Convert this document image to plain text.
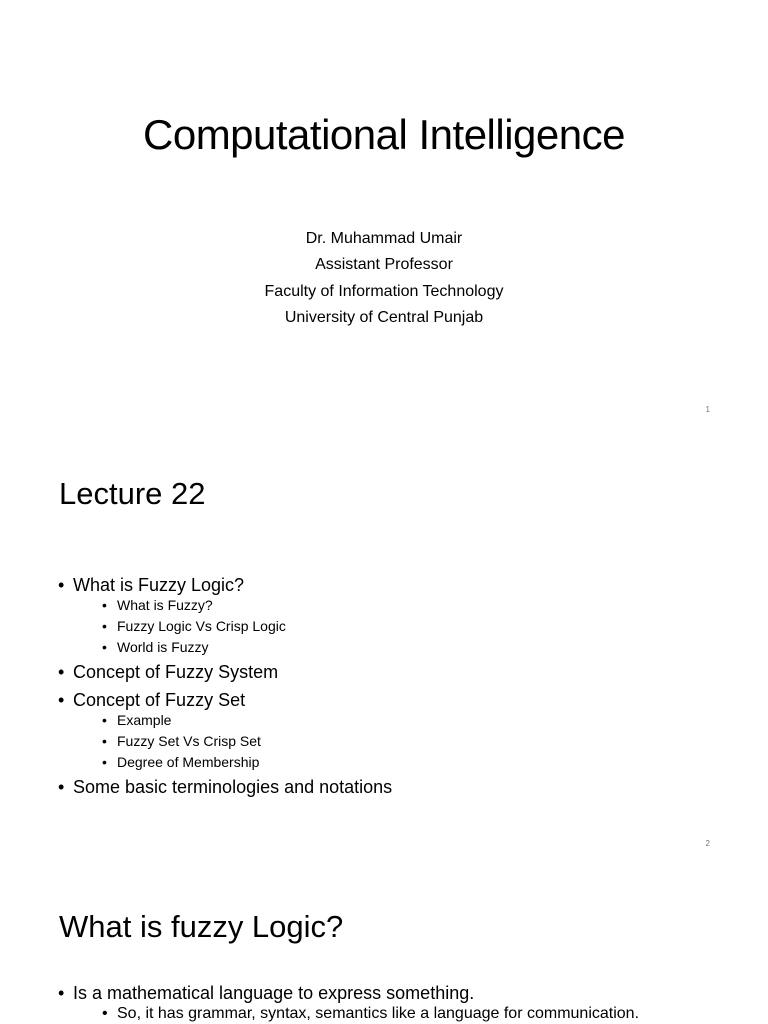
Computational Intelligence
Dr. Muhammad Umair
Assistant Professor
Faculty of Information Technology
University of Central Punjab
1
Lecture 22
• What is Fuzzy Logic?
• What is Fuzzy?
• Fuzzy Logic Vs Crisp Logic
• World is Fuzzy
• Concept of Fuzzy System
• Concept of Fuzzy Set
• Example
• Fuzzy Set Vs Crisp Set
• Degree of Membership
• Some basic terminologies and notations
2
What is fuzzy Logic?
• Is a mathematical language to express something.
• So, it has grammar, syntax, semantics like a language for communication.
